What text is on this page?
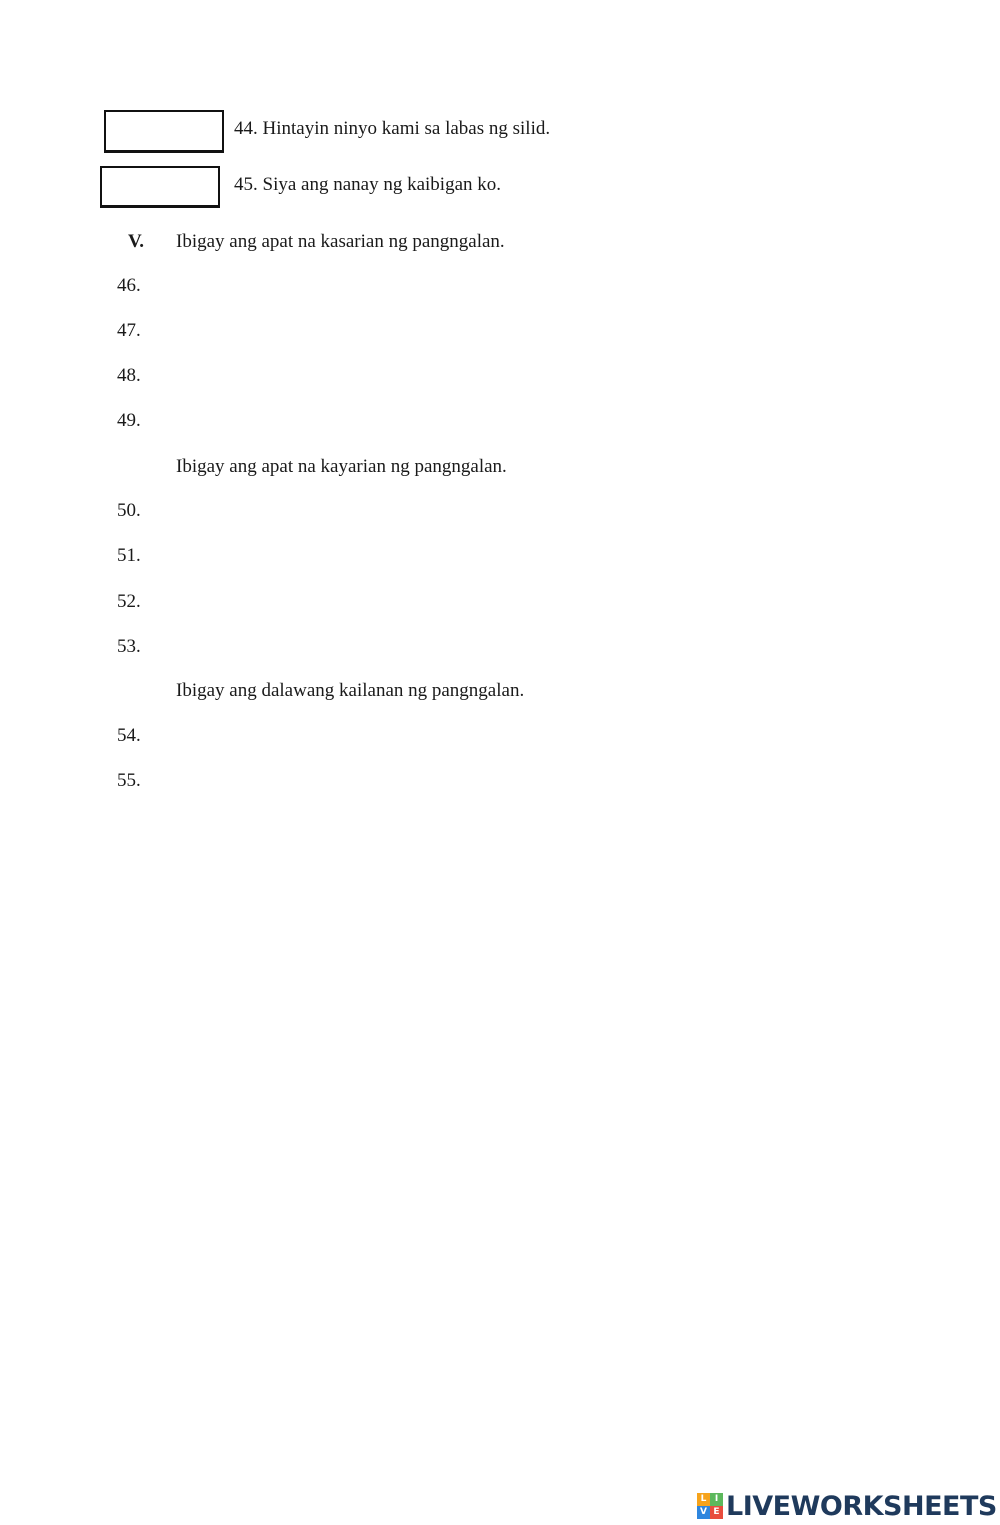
44. Hintayin ninyo kami sa labas ng silid.
45. Siya ang nanay ng kaibigan ko.
V. Ibigay ang apat na kasarian ng pangngalan.
46.
47.
48.
49.
Ibigay ang apat na kayarian ng pangngalan.
50.
51.
52.
53.
Ibigay ang dalawang kailanan ng pangngalan.
54.
55.
L I
V E LIVEWORKSHEETS
